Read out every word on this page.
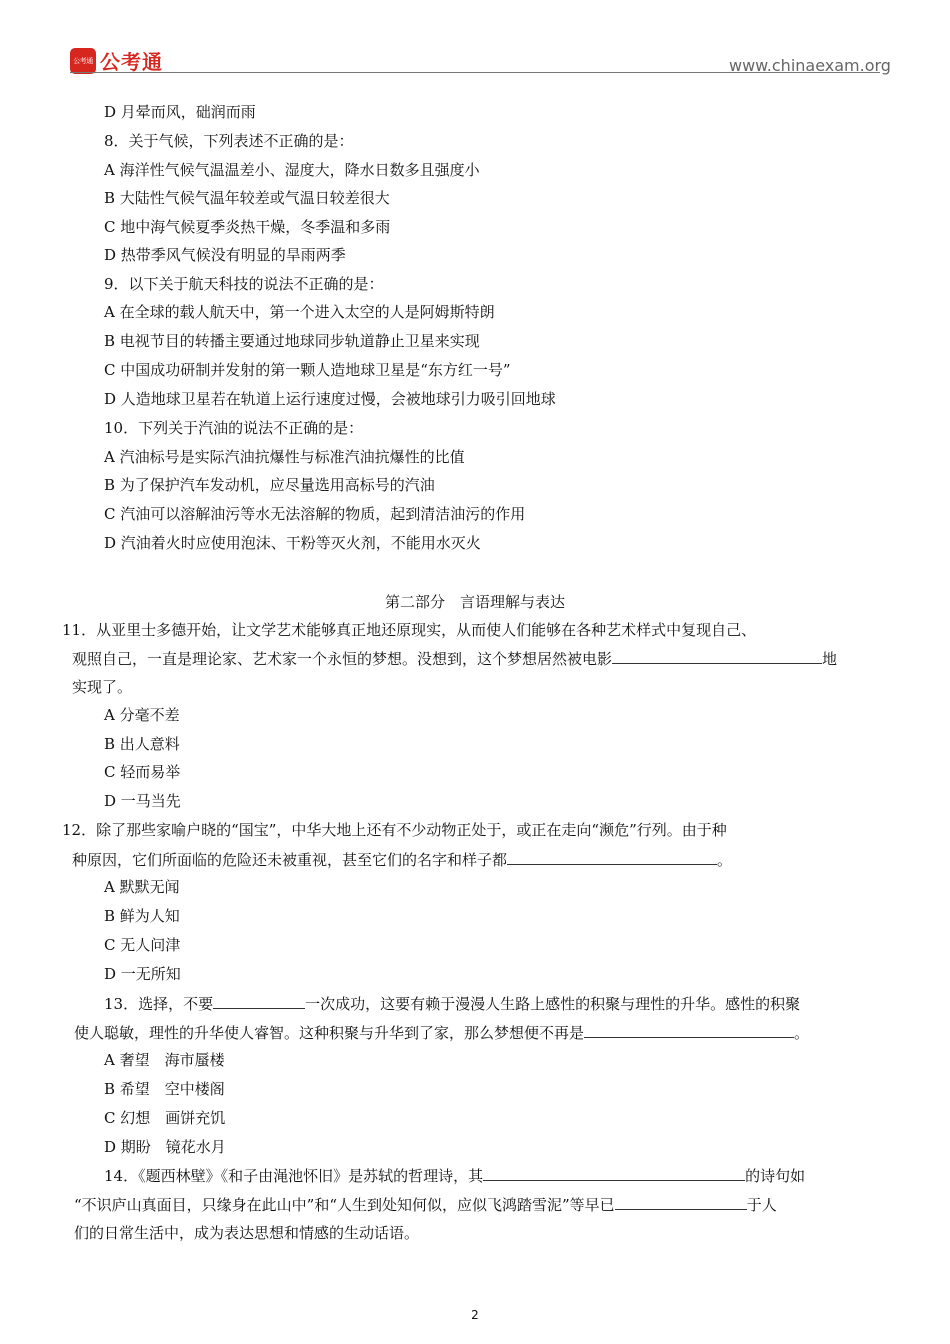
公考通 公考通	www.chinaexam.org
D 月晕而风，础润而雨
8．关于气候，下列表述不正确的是：
A 海洋性气候气温温差小、湿度大，降水日数多且强度小
B 大陆性气候气温年较差或气温日较差很大
C 地中海气候夏季炎热干燥，冬季温和多雨
D 热带季风气候没有明显的旱雨两季
9．以下关于航天科技的说法不正确的是：
A 在全球的载人航天中，第一个进入太空的人是阿姆斯特朗
B 电视节目的转播主要通过地球同步轨道静止卫星来实现
C 中国成功研制并发射的第一颗人造地球卫星是“东方红一号”
D 人造地球卫星若在轨道上运行速度过慢，会被地球引力吸引回地球
10．下列关于汽油的说法不正确的是：
A 汽油标号是实际汽油抗爆性与标准汽油抗爆性的比值
B 为了保护汽车发动机，应尽量选用高标号的汽油
C 汽油可以溶解油污等水无法溶解的物质，起到清洁油污的作用
D 汽油着火时应使用泡沫、干粉等灭火剂，不能用水灭火
第二部分　言语理解与表达
11．从亚里士多德开始，让文学艺术能够真正地还原现实，从而使人们能够在各种艺术样式中复现自己、
观照自己，一直是理论家、艺术家一个永恒的梦想。没想到，这个梦想居然被电影	地
实现了。
A 分毫不差
B 出人意料
C 轻而易举
D 一马当先
12．除了那些家喻户晓的“国宝”，中华大地上还有不少动物正处于，或正在走向“濒危”行列。由于种
种原因，它们所面临的危险还未被重视，甚至它们的名字和样子都	。
A 默默无闻
B 鲜为人知
C 无人问津
D 一无所知
13．选择，不要	一次成功，这要有赖于漫漫人生路上感性的积聚与理性的升华。感性的积聚
使人聪敏，理性的升华使人睿智。这种积聚与升华到了家，那么梦想便不再是	。
A 奢望　海市蜃楼
B 希望　空中楼阁
C 幻想　画饼充饥
D 期盼　镜花水月
14．《题西林壁》《和子由渑池怀旧》是苏轼的哲理诗，其	的诗句如
“不识庐山真面目，只缘身在此山中”和“人生到处知何似，应似飞鸿踏雪泥”等早已	于人
们的日常生活中，成为表达思想和情感的生动话语。
2
